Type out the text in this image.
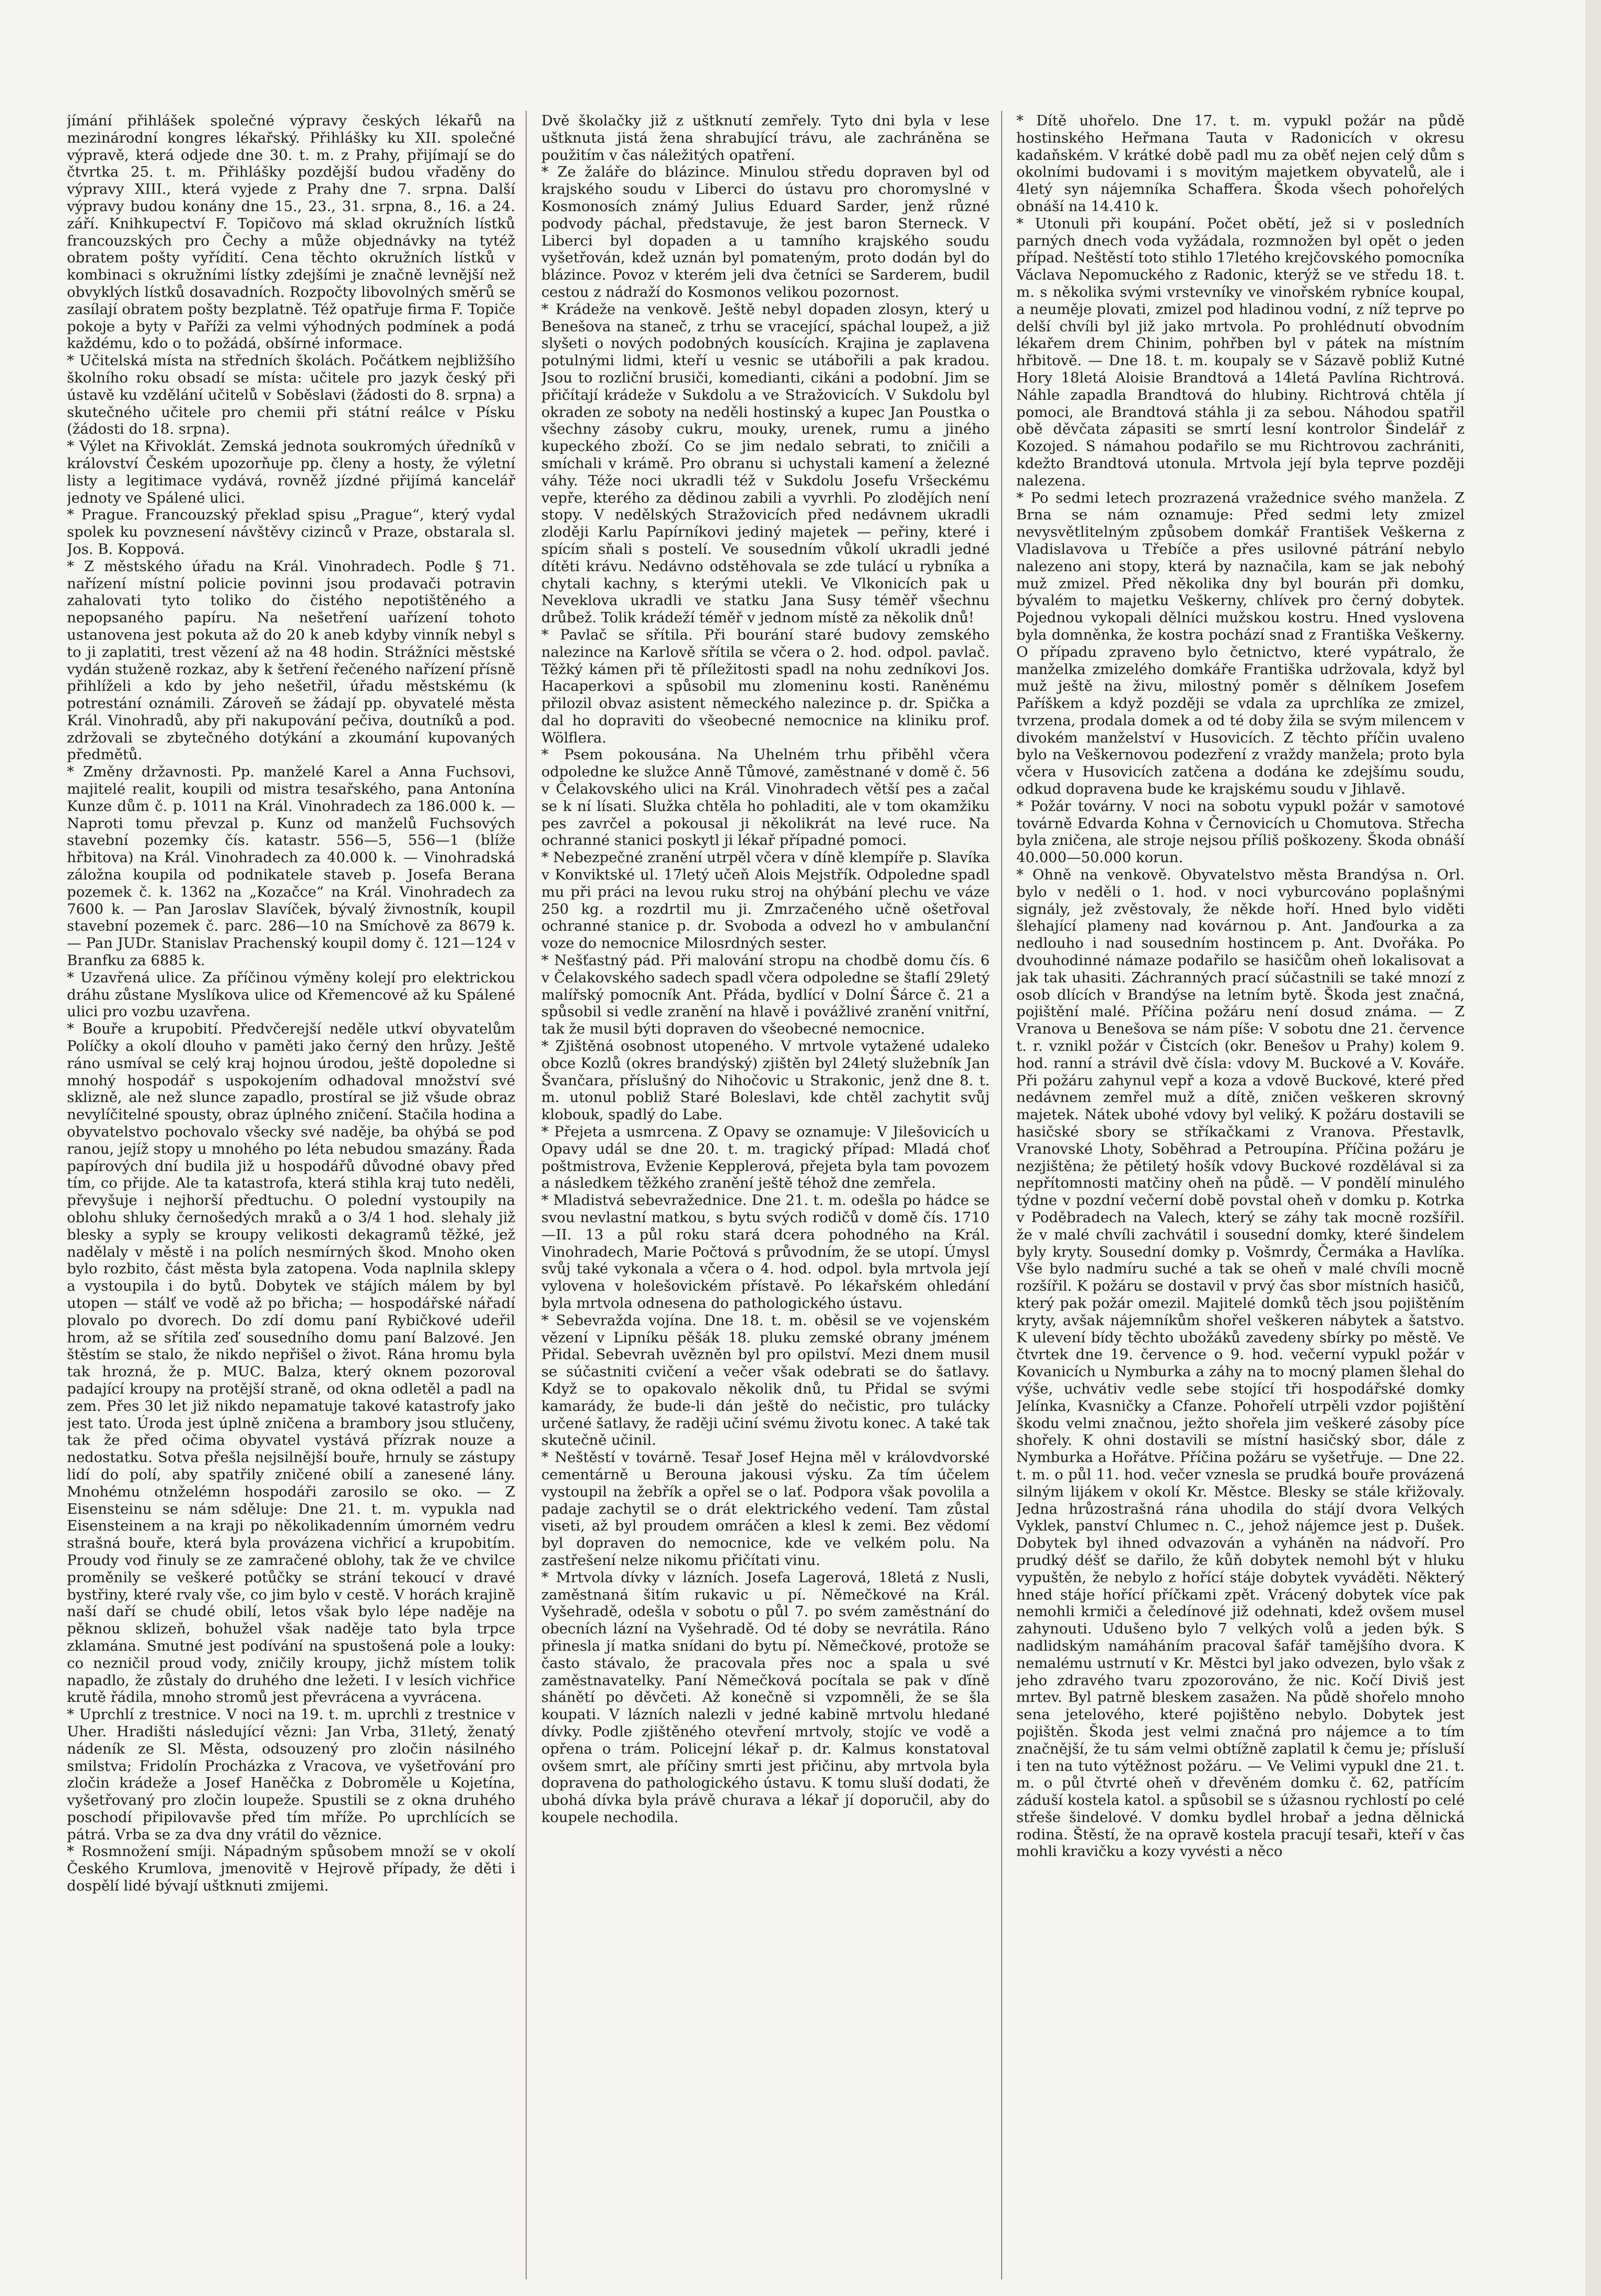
jímání přihlášek společné výpravy českých lékařů na mezinárodní kongres lékařský. Přihlášky ku XII. společné výpravě, která odjede dne 30. t. m. z Prahy, přijímají se do čtvrtka 25. t. m. Přihlášky pozdější budou vřaděny do výpravy XIII., která vyjede z Prahy dne 7. srpna. Další výpravy budou konány dne 15., 23., 31. srpna, 8., 16. a 24. září. Knihkupectví F. Topičovo má sklad okružních lístků francouzských pro Čechy a může objednávky na tytéž obratem pošty vyřídití. Cena těchto okružních lístků v kombinaci s okružními lístky zdejšími je značně levnější než obvyklých lístků dosavadních. Rozpočty libovolných směrů se zasílají obratem pošty bezplatně. Též opatřuje firma F. Topiče pokoje a byty v Paříži za velmi výhodných podmínek a podá každému, kdo o to požádá, obšírné informace.

* Učitelská místa na středních školách. Počátkem nejbližšího školního roku obsadí se místa: učitele pro jazyk český při ústavě ku vzdělání učitelů v Soběslavi (žádosti do 8. srpna) a skutečného učitele pro chemii při státní reálce v Písku (žádosti do 18. srpna).

* Výlet na Křivoklát. Zemská jednota soukromých úředníků v království Českém upozorňuje pp. členy a hosty, že výletní listy a legitimace vydává, rovněž jízdné přijímá kancelář jednoty ve Spálené ulici.

* Prague. Francouzský překlad spisu „Prague“, který vydal spolek ku povznesení návštěvy cizinců v Praze, obstarala sl. Jos. B. Koppová.

* Z městského úřadu na Král. Vinohradech. Podle § 71. nařízení místní policie povinni jsou prodavači potravin zahalovati tyto toliko do čistého nepotištěného a nepopsaného papíru. Na nešetření uařízení tohoto ustanovena jest pokuta až do 20 k aneb kdyby vinník nebyl s to ji zaplatiti, trest vězení až na 48 hodin. Strážníci městské vydán stuženě rozkaz, aby k šetření řečeného nařízení přísně přihlíželi a kdo by jeho nešetřil, úřadu městskému (k potrestání oznámili. Zároveň se žádají pp. obyvatelé města Král. Vinohradů, aby při nakupování pečiva, doutníků a pod. zdržovali se zbytečného dotýkání a zkoumání kupovaných předmětů.

* Změny državnosti. Pp. manželé Karel a Anna Fuchsovi, majitelé realit, koupili od mistra tesařského, pana Antonína Kunze dům č. p. 1011 na Král. Vinohradech za 186.000 k. — Naproti tomu převzal p. Kunz od manželů Fuchsových stavební pozemky čís. katastr. 556—5, 556—1 (blíže hřbitova) na Král. Vinohradech za 40.000 k. — Vinohradská záložna koupila od podnikatele staveb p. Josefa Berana pozemek č. k. 1362 na „Kozačce“ na Král. Vinohradech za 7600 k. — Pan Jaroslav Slavíček, bývalý živnostník, koupil stavební pozemek č. parc. 286—10 na Smíchově za 8679 k. — Pan JUDr. Stanislav Prachenský koupil domy č. 121—124 v Branfku za 6885 k.

* Uzavřená ulice. Za příčinou výměny kolejí pro elektrickou dráhu zůstane Myslíkova ulice od Křemencové až ku Spálené ulici pro vozbu uzavřena.

* Bouře a krupobití. Předvčerejší neděle utkví obyvatelům Políčky a okolí dlouho v paměti jako černý den hrůzy. Ještě ráno usmíval se celý kraj hojnou úrodou, ještě dopoledne si mnohý hospodář s uspokojením odhadoval množství své sklizně, ale než slunce zapadlo, prostíral se již všude obraz nevylíčitelné spousty, obraz úplného zničení. Stačila hodina a obyvatelstvo pochovalo všecky své naděje, ba ohýbá se pod ranou, jejíž stopy u mnohého po léta nebudou smazány. Řada papírových dní budila již u hospodářů důvodné obavy před tím, co přijde. Ale ta katastrofa, která stihla kraj tuto neděli, převyšuje i nejhorší předtuchu. O polední vystoupily na oblohu shluky černošedých mraků a o 3/4 1 hod. slehaly již blesky a syply se kroupy velikosti dekagramů těžké, jež nadělaly v městě i na polích nesmírných škod. Mnoho oken bylo rozbito, část města byla zatopena. Voda naplnila sklepy a vystoupila i do bytů. Dobytek ve stájích málem by byl utopen — stálť ve vodě až po břicha; — hospodářské nářadí plovalo po dvorech. Do zdí domu paní Rybičkové udeřil hrom, až se sřítila zeď sousedního domu paní Balzové. Jen štěstím se stalo, že nikdo nepřišel o život. Rána hromu byla tak hrozná, že p. MUC. Balza, který oknem pozoroval padající kroupy na protější straně, od okna odletěl a padl na zem. Přes 30 let již nikdo nepamatuje takové katastrofy jako jest tato. Úroda jest úplně zničena a brambory jsou stlučeny, tak že před očima obyvatel vystává přízrak nouze a nedostatku. Sotva přešla nejsilnější bouře, hrnuly se zástupy lidí do polí, aby spatřily zničené obilí a zanesené lány. Mnohému otnželémn hospodáři zarosilo se oko. — Z Eisensteinu se nám sděluje: Dne 21. t. m. vypukla nad Eisensteinem a na kraji po několikadenním úmorném vedru strašná bouře, která byla provázena vichřicí a krupobitím. Proudy vod řinuly se ze zamračené oblohy, tak že ve chvilce proměnily se veškeré potůčky se strání tekoucí v dravé bystřiny, které rvaly vše, co jim bylo v cestě. V horách krajině naší daří se chudé obilí, letos však bylo lépe naděje na pěknou sklizeň, bohužel však naděje tato byla trpce zklamána. Smutné jest podívání na spustošená pole a louky: co nezničil proud vody, zničily kroupy, jichž místem tolik napadlo, že zůstaly do druhého dne ležeti. I v lesích vichřice krutě řádila, mnoho stromů jest převrácena a vyvrácena.

* Uprchlí z trestnice. V noci na 19. t. m. uprchli z trestnice v Uher. Hradišti následující vězni: Jan Vrba, 31letý, ženatý nádeník ze Sl. Města, odsouzený pro zločin násilného smilstva; Fridolín Procházka z Vracova, ve vyšetřování pro zločin krádeže a Josef Haněčka z Dobroměle u Kojetína, vyšetřovaný pro zločin loupeže. Spustili se z okna druhého poschodí připilovavše před tím mříže. Po uprchlících se pátrá. Vrba se za dva dny vrátil do věznice.

* Rosmnožení smíji. Nápadným spůsobem množí se v okolí Českého Krumlova, jmenovitě v Hejrově případy, že děti i dospělí lidé bývají uštknuti zmijemi.

Dvě školačky již z uštknutí zemřely. Tyto dni byla v lese uštknuta jistá žena shrabující trávu, ale zachráněna se použitím v čas náležitých opatření.

* Ze žaláře do blázince. Minulou středu dopraven byl od krajského soudu v Liberci do ústavu pro choromyslné v Kosmonosích známý Julius Eduard Sarder, jenž různé podvody páchal, představuje, že jest baron Sterneck. V Liberci byl dopaden a u tamního krajského soudu vyšetřován, kdež uznán byl pomateným, proto dodán byl do blázince. Povoz v kterém jeli dva četníci se Sarderem, budil cestou z nádraží do Kosmonos velikou pozornost.

* Krádeže na venkově. Ještě nebyl dopaden zlosyn, který u Benešova na staneč, z trhu se vracející, spáchal loupež, a již slyšeti o nových podobných kousících. Krajina je zaplavena potulnými lidmi, kteří u vesnic se utábořili a pak kradou. Jsou to rozliční brusiči, komedianti, cikáni a podobní. Jim se přičítají krádeže v Sukdolu a ve Stražovicích. V Sukdolu byl okraden ze soboty na neděli hostinský a kupec Jan Poustka o všechny zásoby cukru, mouky, urenek, rumu a jiného kupeckého zboží. Co se jim nedalo sebrati, to zničili a smíchali v krámě. Pro obranu si uchystali kamení a železné váhy. Téže noci ukradli též v Sukdolu Josefu Vršeckému vepře, kterého za dědinou zabili a vyvrhli. Po zlodějích není stopy. V nedělských Stražovicích před nedávnem ukradli zloději Karlu Papírníkovi jediný majetek — peřiny, které i spícím sňali s postelí. Ve sousedním vůkolí ukradli jedné dítěti krávu. Nedávno odstěhovala se zde tulácí u rybníka a chytali kachny, s kterými utekli. Ve Vlkonicích pak u Neveklova ukradli ve statku Jana Susy téměř všechnu drůbež. Tolik krádeží téměř v jednom místě za několik dnů!

* Pavlač se sřítila. Při bourání staré budovy zemského nalezince na Karlově sřítila se včera o 2. hod. odpol. pavlač. Těžký kámen při tě příležitosti spadl na nohu zedníkovi Jos. Hacaperkovi a spůsobil mu zlomeninu kosti. Raněnému přilozil obvaz asistent německého nalezince p. dr. Spička a dal ho dopraviti do všeobecné nemocnice na kliniku prof. Wölflera.

* Psem pokousána. Na Uhelném trhu přiběhl včera odpoledne ke služce Anně Tůmové, zaměstnané v domě č. 56 v Čelakovského ulici na Král. Vinohradech větší pes a začal se k ní lísati. Služka chtěla ho pohladiti, ale v tom okamžiku pes zavrčel a pokousal ji několikrát na levé ruce. Na ochranné stanici poskytl ji lékař případné pomoci.

* Nebezpečné zranění utrpěl včera v díně klempíře p. Slavíka v Konviktské ul. 17letý učeň Alois Mejstřík. Odpoledne spadl mu při práci na levou ruku stroj na ohýbání plechu ve váze 250 kg. a rozdrtil mu ji. Zmrzačeného učně ošetřoval ochranné stanice p. dr. Svoboda a odvezl ho v ambulanční voze do nemocnice Milosrdných sester.

* Nešťastný pád. Při malování stropu na chodbě domu čís. 6 v Čelakovského sadech spadl včera odpoledne se štaflí 29letý malířský pomocník Ant. Přáda, bydlící v Dolní Šárce č. 21 a spůsobil si vedle zranění na hlavě i povážlivé zranění vnitřní, tak že musil býti dopraven do všeobecné nemocnice.

* Zjištěná osobnost utopeného. V mrtvole vytažené udaleko obce Kozlů (okres brandýský) zjištěn byl 24letý služebník Jan Švančara, příslušný do Nihočovic u Strakonic, jenž dne 8. t. m. utonul pobliž Staré Boleslavi, kde chtěl zachytit svůj klobouk, spadlý do Labe.

* Přejeta a usmrcena. Z Opavy se oznamuje: V Jilešovicích u Opavy udál se dne 20. t. m. tragický případ: Mladá choť poštmistrova, Evženie Kepplerová, přejeta byla tam povozem a následkem těžkého zranění ještě téhož dne zemřela.

* Mladistvá sebevražednice. Dne 21. t. m. odešla po hádce se svou nevlastní matkou, s bytu svých rodičů v domě čís. 1710—II. 13 a půl roku stará dcera pohodného na Král. Vinohradech, Marie Počtová s průvodním, že se utopí. Úmysl svůj také vykonala a včera o 4. hod. odpol. byla mrtvola její vylovena v holešovickém přístavě. Po lékařském ohledání byla mrtvola odnesena do pathologického ústavu.

* Sebevražda vojína. Dne 18. t. m. oběsil se ve vojenském vězení v Lipníku pěšák 18. pluku zemské obrany jménem Přidal. Sebevrah uvězněn byl pro opilství. Mezi dnem musil se súčastniti cvičení a večer však odebrati se do šatlavy. Když se to opakovalo několik dnů, tu Přidal se svými kamarády, že bude-li dán ještě do nečistic, pro tulácky určené šatlavy, že raději učiní svému životu konec. A také tak skutečně učinil.

* Neštěstí v továrně. Tesař Josef Hejna měl v královdvorské cementárně u Berouna jakousi výsku. Za tím účelem vystoupil na žebřík a opřel se o lať. Podpora však povolila a padaje zachytil se o drát elektrického vedení. Tam zůstal viseti, až byl proudem omráčen a klesl k zemi. Bez vědomí byl dopraven do nemocnice, kde ve velkém polu. Na zastřešení nelze nikomu přičítati vinu.

* Mrtvola dívky v lázních. Josefa Lagerová, 18letá z Nusli, zaměstnaná šitím rukavic u pí. Němečkové na Král. Vyšehradě, odešla v sobotu o půl 7. po svém zaměstnání do obecních lázní na Vyšehradě. Od té doby se nevrátila. Ráno přinesla jí matka snídani do bytu pí. Němečkové, protože se často stávalo, že pracovala přes noc a spala u své zaměstnavatelky. Paní Němečková pocítala se pak v ďíně shánětí po děvčeti. Až konečně si vzpomněli, že se šla koupati. V lázních nalezli v jedné kabině mrtvolu hledané dívky. Podle zjištěného otevření mrtvoly, stojíc ve vodě a opřena o trám. Policejní lékař p. dr. Kalmus konstatoval ovšem smrt, ale příčiny smrti jest přičinu, aby mrtvola byla dopravena do pathologického ústavu. K tomu sluší dodati, že ubohá dívka byla právě churava a lékař jí doporučil, aby do koupele nechodila.

* Dítě uhořelo. Dne 17. t. m. vypukl požár na půdě hostinského Heřmana Tauta v Radonicích v okresu kadaňském. V krátké době padl mu za oběť nejen celý dům s okolními budovami i s movitým majetkem obyvatelů, ale i 4letý syn nájemníka Schaffera. Škoda všech pohořelých obnáší na 14.410 k.

* Utonuli při koupání. Počet obětí, jež si v posledních parných dnech voda vyžádala, rozmnožen byl opět o jeden případ. Neštěstí toto stihlo 17letého krejčovského pomocníka Václava Nepomuckého z Radonic, kterýž se ve středu 18. t. m. s několika svými vrstevníky ve vinořském rybníce koupal, a neuměje plovati, zmizel pod hladinou vodní, z níž teprve po delší chvíli byl již jako mrtvola. Po prohlédnutí obvodním lékařem drem Chinim, pohřben byl v pátek na místním hřbitově. — Dne 18. t. m. koupaly se v Sázavě pobliž Kutné Hory 18letá Aloisie Brandtová a 14letá Pavlína Richtrová. Náhle zapadla Brandtová do hlubiny. Richtrová chtěla jí pomoci, ale Brandtová stáhla ji za sebou. Náhodou spatřil obě děvčata zápasiti se smrtí lesní kontrolor Šindelář z Kozojed. S námahou podařilo se mu Richtrovou zachrániti, kdežto Brandtová utonula. Mrtvola její byla teprve později nalezena.

* Po sedmi letech prozrazená vražednice svého manžela. Z Brna se nám oznamuje: Před sedmi lety zmizel nevysvětlitelným způsobem domkář František Veškerna z Vladislavova u Třebíče a přes usilovné pátrání nebylo nalezeno ani stopy, která by naznačila, kam se jak nebohý muž zmizel. Před několika dny byl bourán při domku, bývalém to majetku Veškerny, chlívek pro černý dobytek. Pojednou vykopali dělníci mužskou kostru. Hned vyslovena byla domněnka, že kostra pochází snad z Františka Veškerny. O případu zpraveno bylo četnictvo, které vypátralo, že manželka zmizelého domkáře Františka udržovala, když byl muž ještě na živu, milostný poměr s dělníkem Josefem Paříškem a když později se vdala za uprchlíka ze zmizel, tvrzena, prodala domek a od té doby žila se svým milencem v divokém manželství v Husovicích. Z těchto příčin uvaleno bylo na Veškernovou podezření z vraždy manžela; proto byla včera v Husovicích zatčena a dodána ke zdejšímu soudu, odkud dopravena bude ke krajskému soudu v Jihlavě.

* Požár továrny. V noci na sobotu vypukl požár v samotové továrně Edvarda Kohna v Černovicích u Chomutova. Střecha byla zničena, ale stroje nejsou příliš poškozeny. Škoda obnáší 40.000—50.000 korun.

* Ohně na venkově. Obyvatelstvo města Brandýsa n. Orl. bylo v neděli o 1. hod. v noci vyburcováno poplašnými signály, jež zvěstovaly, že někde hoří. Hned bylo viděti šlehající plameny nad kovárnou p. Ant. Janďourka a za nedlouho i nad sousedním hostincem p. Ant. Dvořáka. Po dvouhodinné námaze podařilo se hasičům oheň lokalisovat a jak tak uhasiti. Záchranných prací súčastnili se také mnozí z osob dlících v Brandýse na letním bytě. Škoda jest značná, pojištění malé. Příčina požáru není dosud známa. — Z Vranova u Benešova se nám píše: V sobotu dne 21. července t. r. vznikl požár v Čistcích (okr. Benešov u Prahy) kolem 9. hod. ranní a strávil dvě čísla: vdovy M. Buckové a V. Kováře. Při požáru zahynul vepř a koza a vdově Buckové, které před nedávnem zemřel muž a dítě, zničen veškeren skrovný majetek. Nátek ubohé vdovy byl veliký. K požáru dostavili se hasičské sbory se stříkačkami z Vranova. Přestavlk, Vranovské Lhoty, Soběhrad a Petroupína. Příčina požáru je nezjištěna; že pětiletý hošík vdovy Buckové rozdělával si za nepřítomnosti matčiny oheň na půdě. — V pondělí minulého týdne v pozdní večerní době povstal oheň v domku p. Kotrka v Poděbradech na Valech, který se záhy tak mocně rozšířil. že v malé chvíli zachvátil i sousední domky, které šindelem byly kryty. Sousední domky p. Vošmrdy, Čermáka a Havlíka. Vše bylo nadmíru suché a tak se oheň v malé chvíli mocně rozšířil. K požáru se dostavil v prvý čas sbor místních hasičů, který pak požár omezil. Majitelé domků těch jsou pojištěním kryty, avšak nájemníkům shořel veškeren nábytek a šatstvo. K ulevení bídy těchto ubožáků zavedeny sbírky po městě. Ve čtvrtek dne 19. července o 9. hod. večerní vypukl požár v Kovanicích u Nymburka a záhy na to mocný plamen šlehal do výše, uchvátiv vedle sebe stojící tři hospodářské domky Jelínka, Kvasničky a Cfanze. Pohořelí utrpěli vzdor pojištění škodu velmi značnou, ježto shořela jim veškeré zásoby píce shořely. K ohni dostavili se místní hasičský sbor, dále z Nymburka a Hořátve. Příčina požáru se vyšetřuje. — Dne 22. t. m. o půl 11. hod. večer vznesla se prudká bouře provázená silným lijákem v okolí Kr. Městce. Blesky se stále křižovaly. Jedna hrůzostrašná rána uhodila do stájí dvora Velkých Vyklek, panství Chlumec n. C., jehož nájemce jest p. Dušek. Dobytek byl ihned odvazován a vyháněn na nádvoří. Pro prudký déšť se dařilo, že kůň dobytek nemohl být v hluku vypuštěn, že nebylo z hořící stáje dobytek vyváděti. Některý hned stáje hořící příčkami zpět. Vrácený dobytek více pak nemohli krmiči a čeledínové již odehnati, kdež ovšem musel zahynouti. Udušeno bylo 7 velkých volů a jeden býk. S nadlidským namáháním pracoval šafář tamějšího dvora. K nemalému ustrnutí v Kr. Městci byl jako odvezen, bylo však z jeho zdravého tvaru zpozorováno, že nic. Kočí Diviš jest mrtev. Byl patrně bleskem zasažen. Na půdě shořelo mnoho sena jetelového, které pojištěno nebylo. Dobytek jest pojištěn. Škoda jest velmi značná pro nájemce a to tím značnější, že tu sám velmi obtížně zaplatil k čemu je; přísluší i ten na tuto výtěžnost požáru. — Ve Velimi vypukl dne 21. t. m. o půl čtvrté oheň v dřevěném domku č. 62, patřícím záduší kostela katol. a spůsobil se s úžasnou rychlostí po celé střeše šindelové. V domku bydlel hrobař a jedna dělnická rodina. Štěstí, že na opravě kostela pracují tesaři, kteří v čas mohli kravičku a kozy vyvésti a něco
